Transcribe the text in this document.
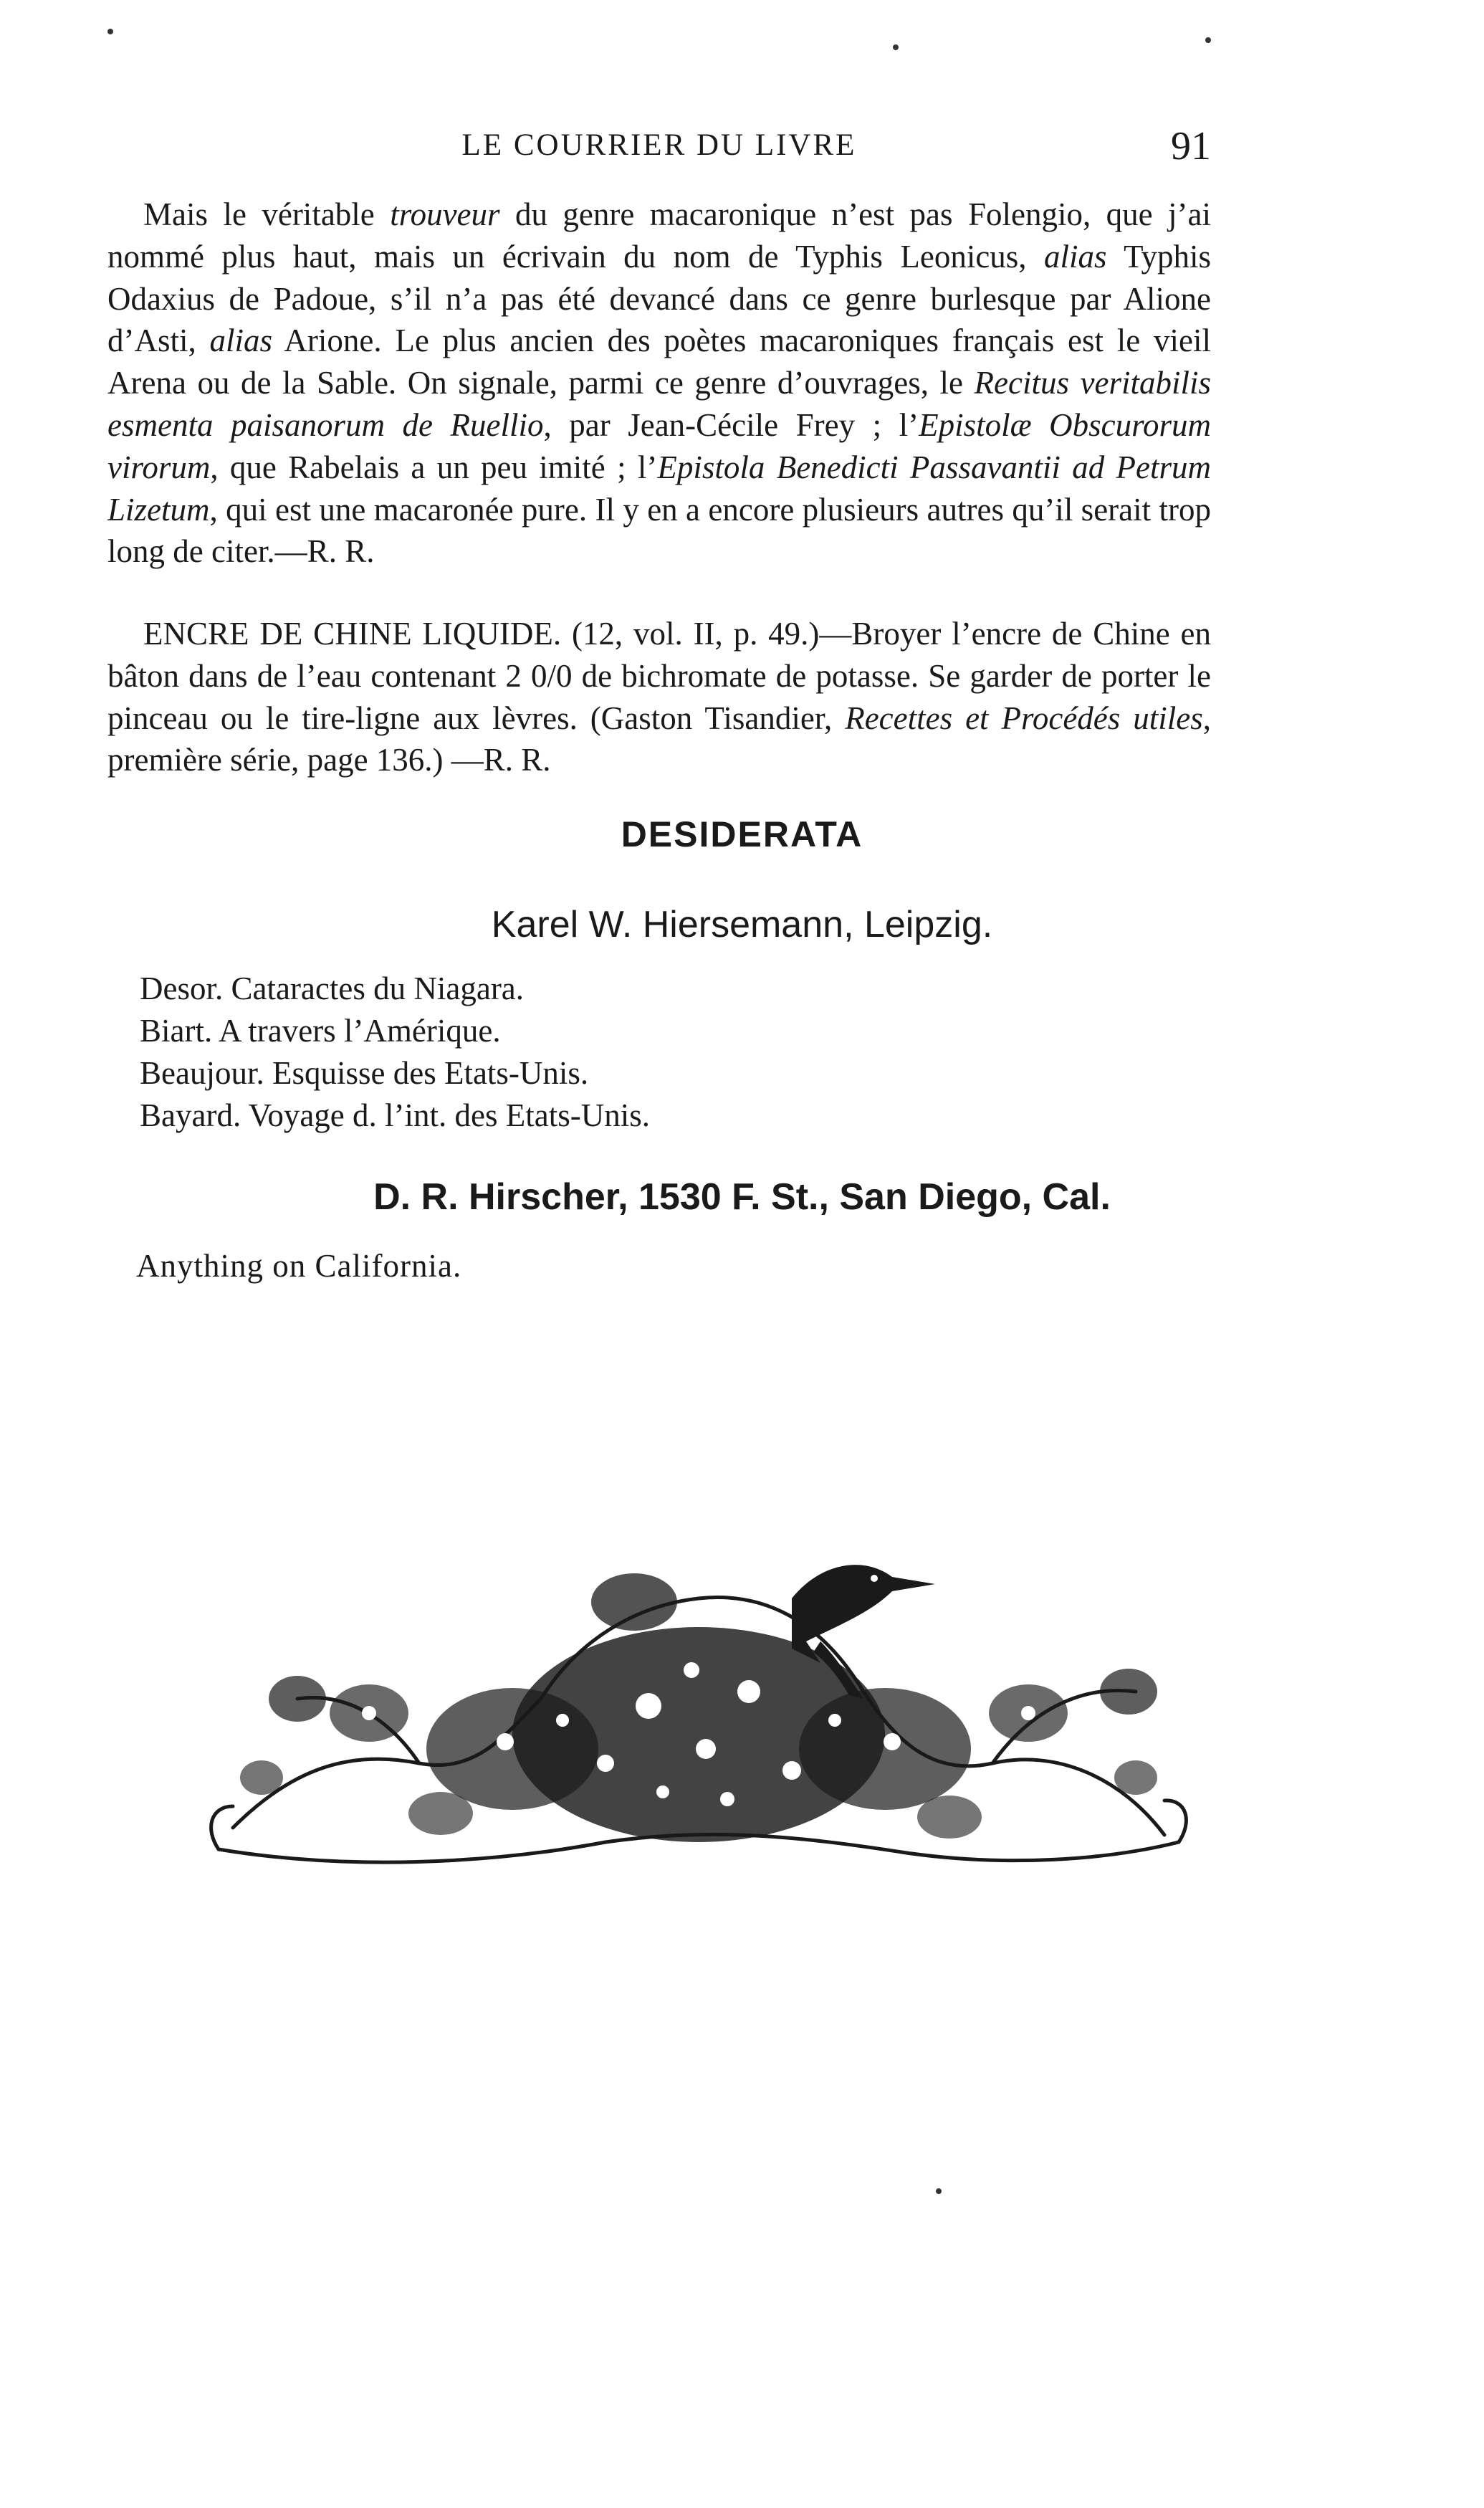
LE COURRIER DU LIVRE	91

Mais le véritable trouveur du genre macaronique n’est pas Folengio, que j’ai nommé plus haut, mais un écrivain du nom de Typhis Leonicus, alias Typhis Odaxius de Padoue, s’il n’a pas été devancé dans ce genre burlesque par Alione d’Asti, alias Arione. Le plus ancien des poètes macaroniques français est le vieil Arena ou de la Sable. On signale, parmi ce genre d’ouvrages, le Recitus veritabilis esmenta paisanorum de Ruellio, par Jean-Cécile Frey ; l’Epistolæ Obscurorum virorum, que Rabelais a un peu imité ; l’Epistola Benedicti Passavantii ad Petrum Lizetum, qui est une macaronée pure. Il y en a encore plusieurs autres qu’il serait trop long de citer.—R. R.

ENCRE DE CHINE LIQUIDE. (12, vol. II, p. 49.)—Broyer l’encre de Chine en bâton dans de l’eau contenant 2 0/0 de bichromate de potasse. Se garder de porter le pinceau ou le tire-ligne aux lèvres. (Gaston Tisandier, Recettes et Procédés utiles, première série, page 136.) —R. R.

DESIDERATA
Karel W. Hiersemann, Leipzig.
Desor. Cataractes du Niagara.
Biart. A travers l’Amérique.
Beaujour. Esquisse des Etats-Unis.
Bayard. Voyage d. l’int. des Etats-Unis.
D. R. Hirscher, 1530 F. St., San Diego, Cal.
Anything on California.
